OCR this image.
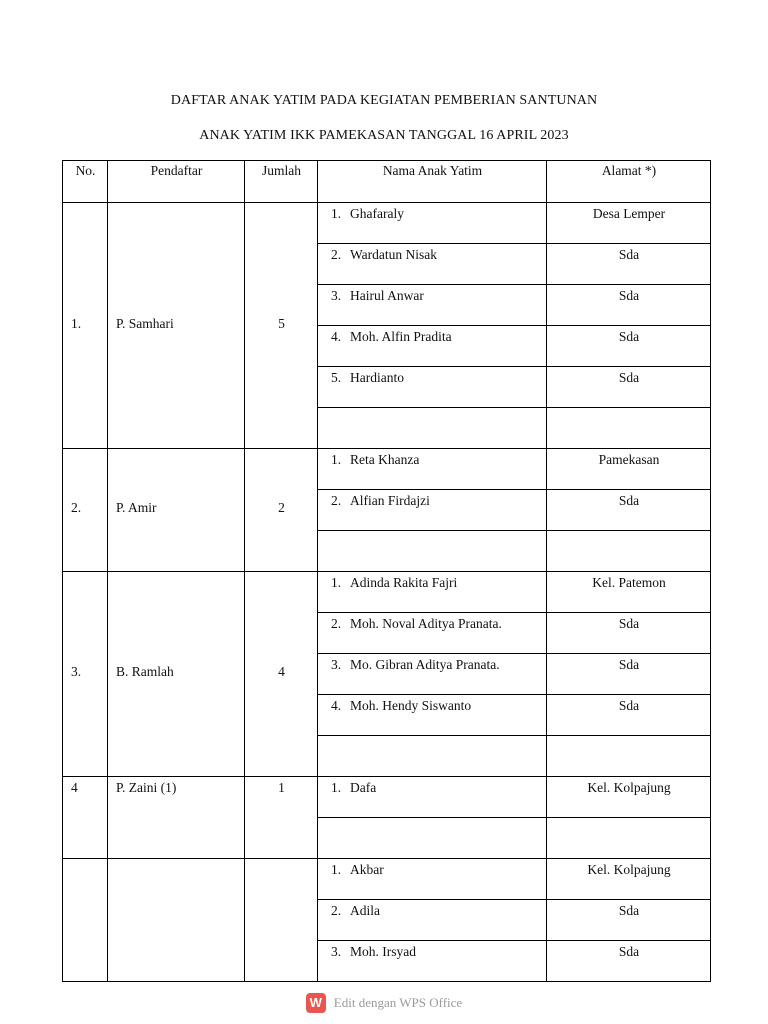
DAFTAR ANAK YATIM PADA KEGIATAN PEMBERIAN SANTUNAN
ANAK YATIM IKK PAMEKASAN TANGGAL 16 APRIL 2023
No.	Pendaftar	Jumlah	Nama Anak Yatim	Alamat *)

1.	P. Samhari	5	1. Ghafaraly	Desa Lemper

			2. Wardatun Nisak	Sda

			3. Hairul Anwar	Sda

			4. Moh. Alfin Pradita	Sda

			5. Hardianto	Sda

2.	P. Amir	2	1. Reta Khanza	Pamekasan

			2. Alfian Firdajzi	Sda

3.	B. Ramlah	4	1. Adinda Rakita Fajri	Kel. Patemon

			2. Moh. Noval Aditya Pranata.	Sda

			3. Mo. Gibran Aditya Pranata.	Sda

			4. Moh. Hendy Siswanto	Sda

4	P. Zaini (1)	1	1. Dafa	Kel. Kolpajung

			1. Akbar	Kel. Kolpajung

			2. Adila	Sda

			3. Moh. Irsyad	Sda
W Edit dengan WPS Office
